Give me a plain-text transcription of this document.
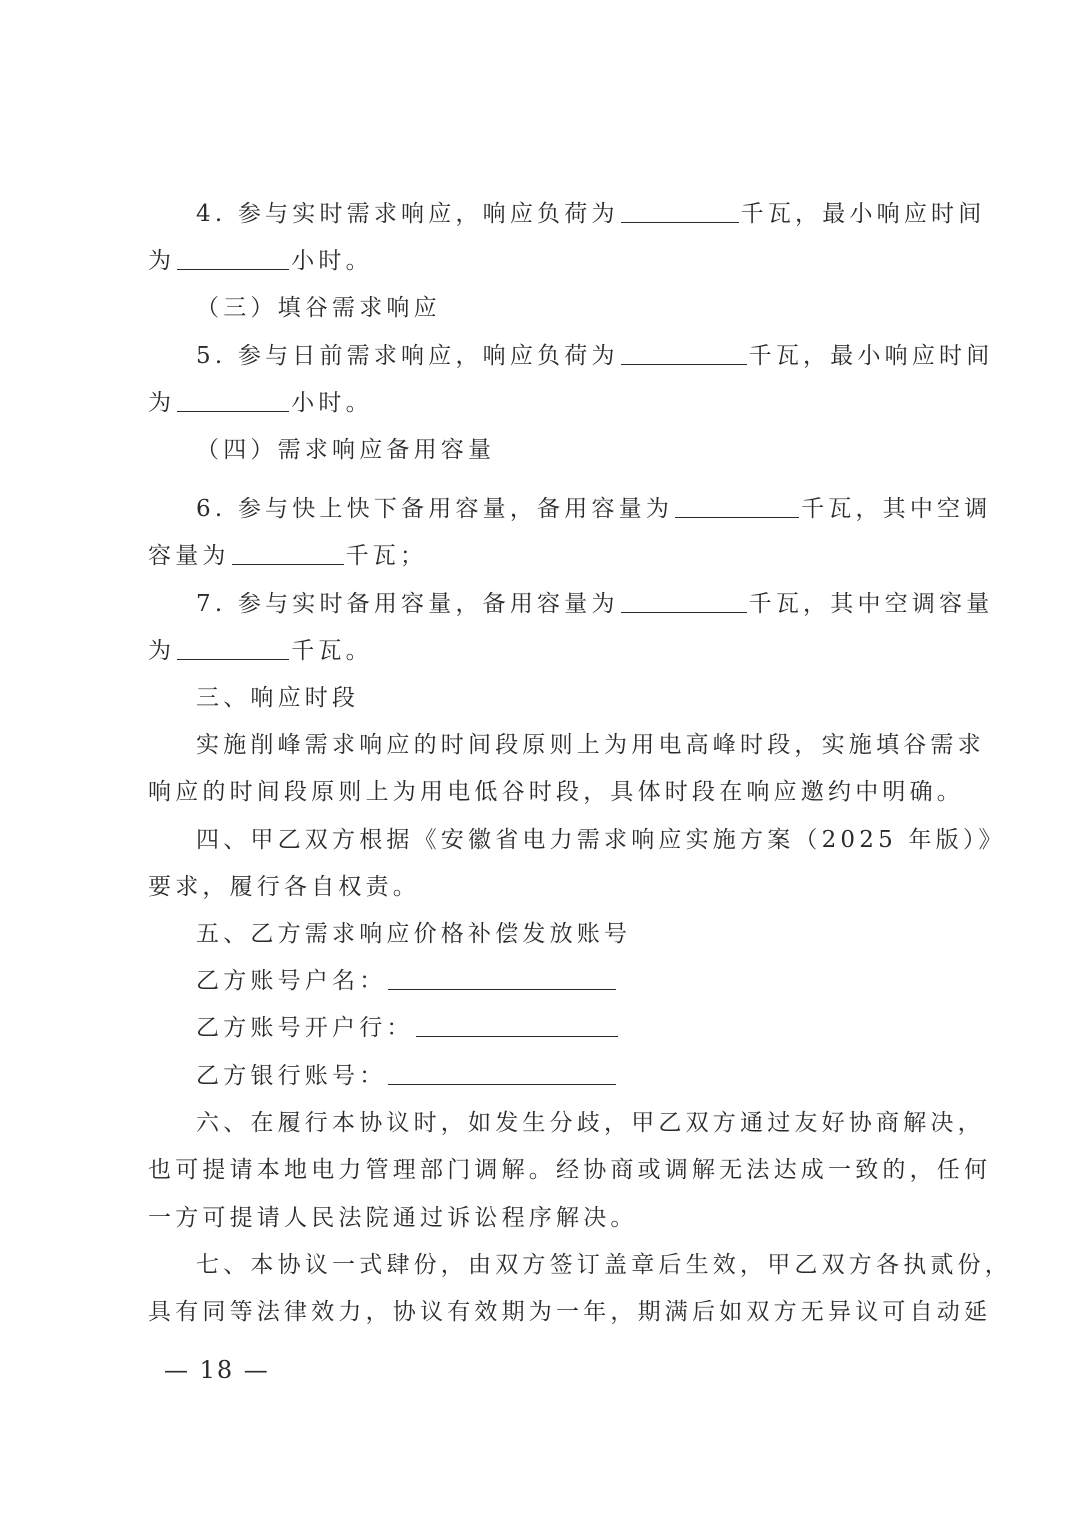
4. 参与实时需求响应，响应负荷为	千瓦，最小响应时间
为	小时。
（三）填谷需求响应
5. 参与日前需求响应，响应负荷为	千瓦，最小响应时间
为	小时。
（四）需求响应备用容量
6. 参与快上快下备用容量，备用容量为	千瓦，其中空调
容量为	千瓦；
7. 参与实时备用容量，备用容量为	千瓦，其中空调容量
为	千瓦。
三、响应时段
实施削峰需求响应的时间段原则上为用电高峰时段，实施填谷需求
响应的时间段原则上为用电低谷时段，具体时段在响应邀约中明确。
四、甲乙双方根据《安徽省电力需求响应实施方案（2025 年版）》
要求，履行各自权责。
五、乙方需求响应价格补偿发放账号
乙方账号户名：
乙方账号开户行：
乙方银行账号：
六、在履行本协议时，如发生分歧，甲乙双方通过友好协商解决，
也可提请本地电力管理部门调解。经协商或调解无法达成一致的，任何
一方可提请人民法院通过诉讼程序解决。
七、本协议一式肆份，由双方签订盖章后生效，甲乙双方各执贰份，
具有同等法律效力，协议有效期为一年，期满后如双方无异议可自动延
— 18 —
